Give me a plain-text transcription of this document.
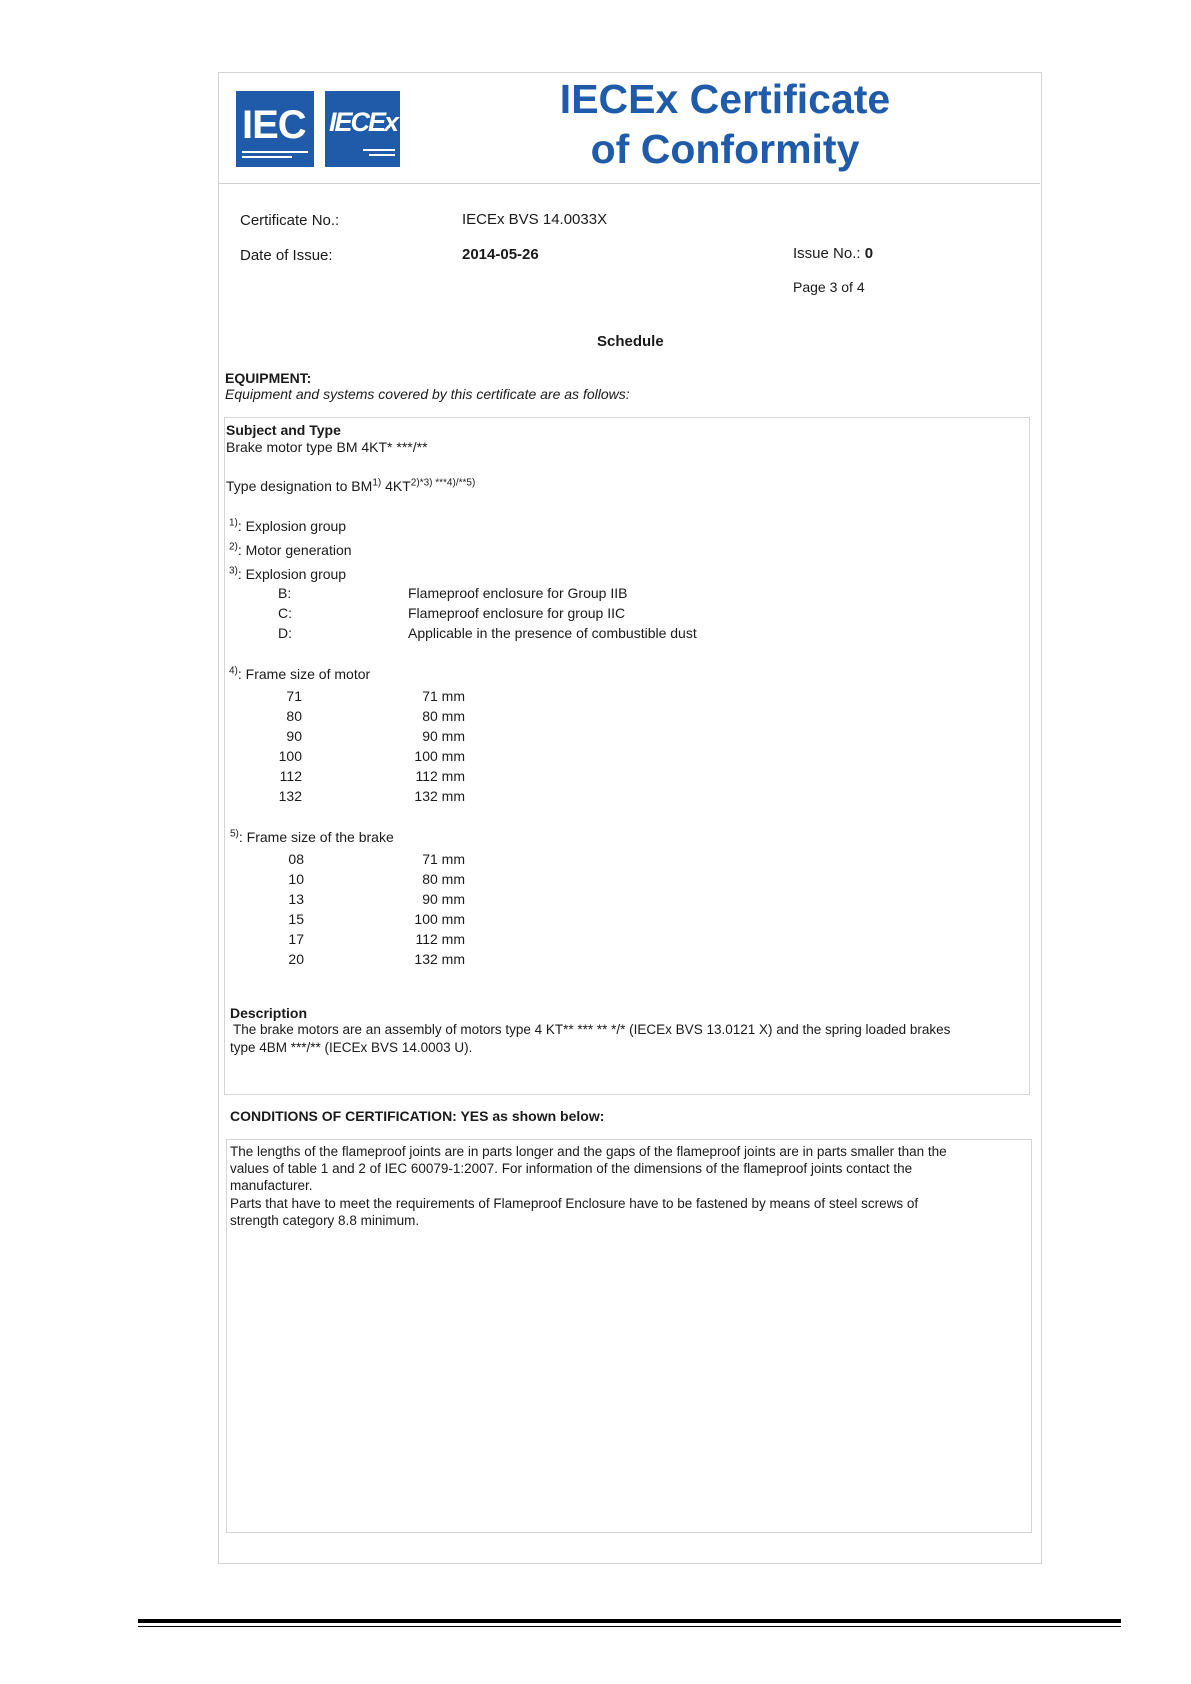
IEC IECEx	IECEx Certificate
of Conformity
Certificate No.:	IECEx BVS 14.0033X
Date of Issue:	2014-05-26	Issue No.: 0
Page 3 of 4
Schedule
EQUIPMENT:
Equipment and systems covered by this certificate are as follows:
Subject and Type
Brake motor type BM 4KT* ***/**
Type designation to BM$^{1)}$ $4KT^{2)*3) ***4)/**5)}$
$^{1)}$: Explosion group
$^{2)}$: Motor generation
$^{3)}$: Explosion group
B:	Flameproof enclosure for Group IIB
C:	Flameproof enclosure for group IIC
D:	Applicable in the presence of combustible dust
$^{4)}$: Frame size of motor
71	71 mm
80	80 mm
90	90 mm
100	100 mm
112	112 mm
132	132 mm
$^{5)}$: Frame size of the brake
08	71 mm
10	80 mm
13	90 mm
15	100 mm
17	112 mm
20	132 mm
Description
The brake motors are an assembly of motors type 4 KT** *** ** */* (IECEx BVS 13.0121 X) and the spring loaded brakes
type 4BM ***/** (IECEx BVS 14.0003 U).
CONDITIONS OF CERTIFICATION: YES as shown below:
The lengths of the flameproof joints are in parts longer and the gaps of the flameproof joints are in parts smaller than the
values of table 1 and 2 of IEC 60079-1:2007. For information of the dimensions of the flameproof joints contact the
manufacturer.
Parts that have to meet the requirements of Flameproof Enclosure have to be fastened by means of steel screws of
strength category 8.8 minimum.
